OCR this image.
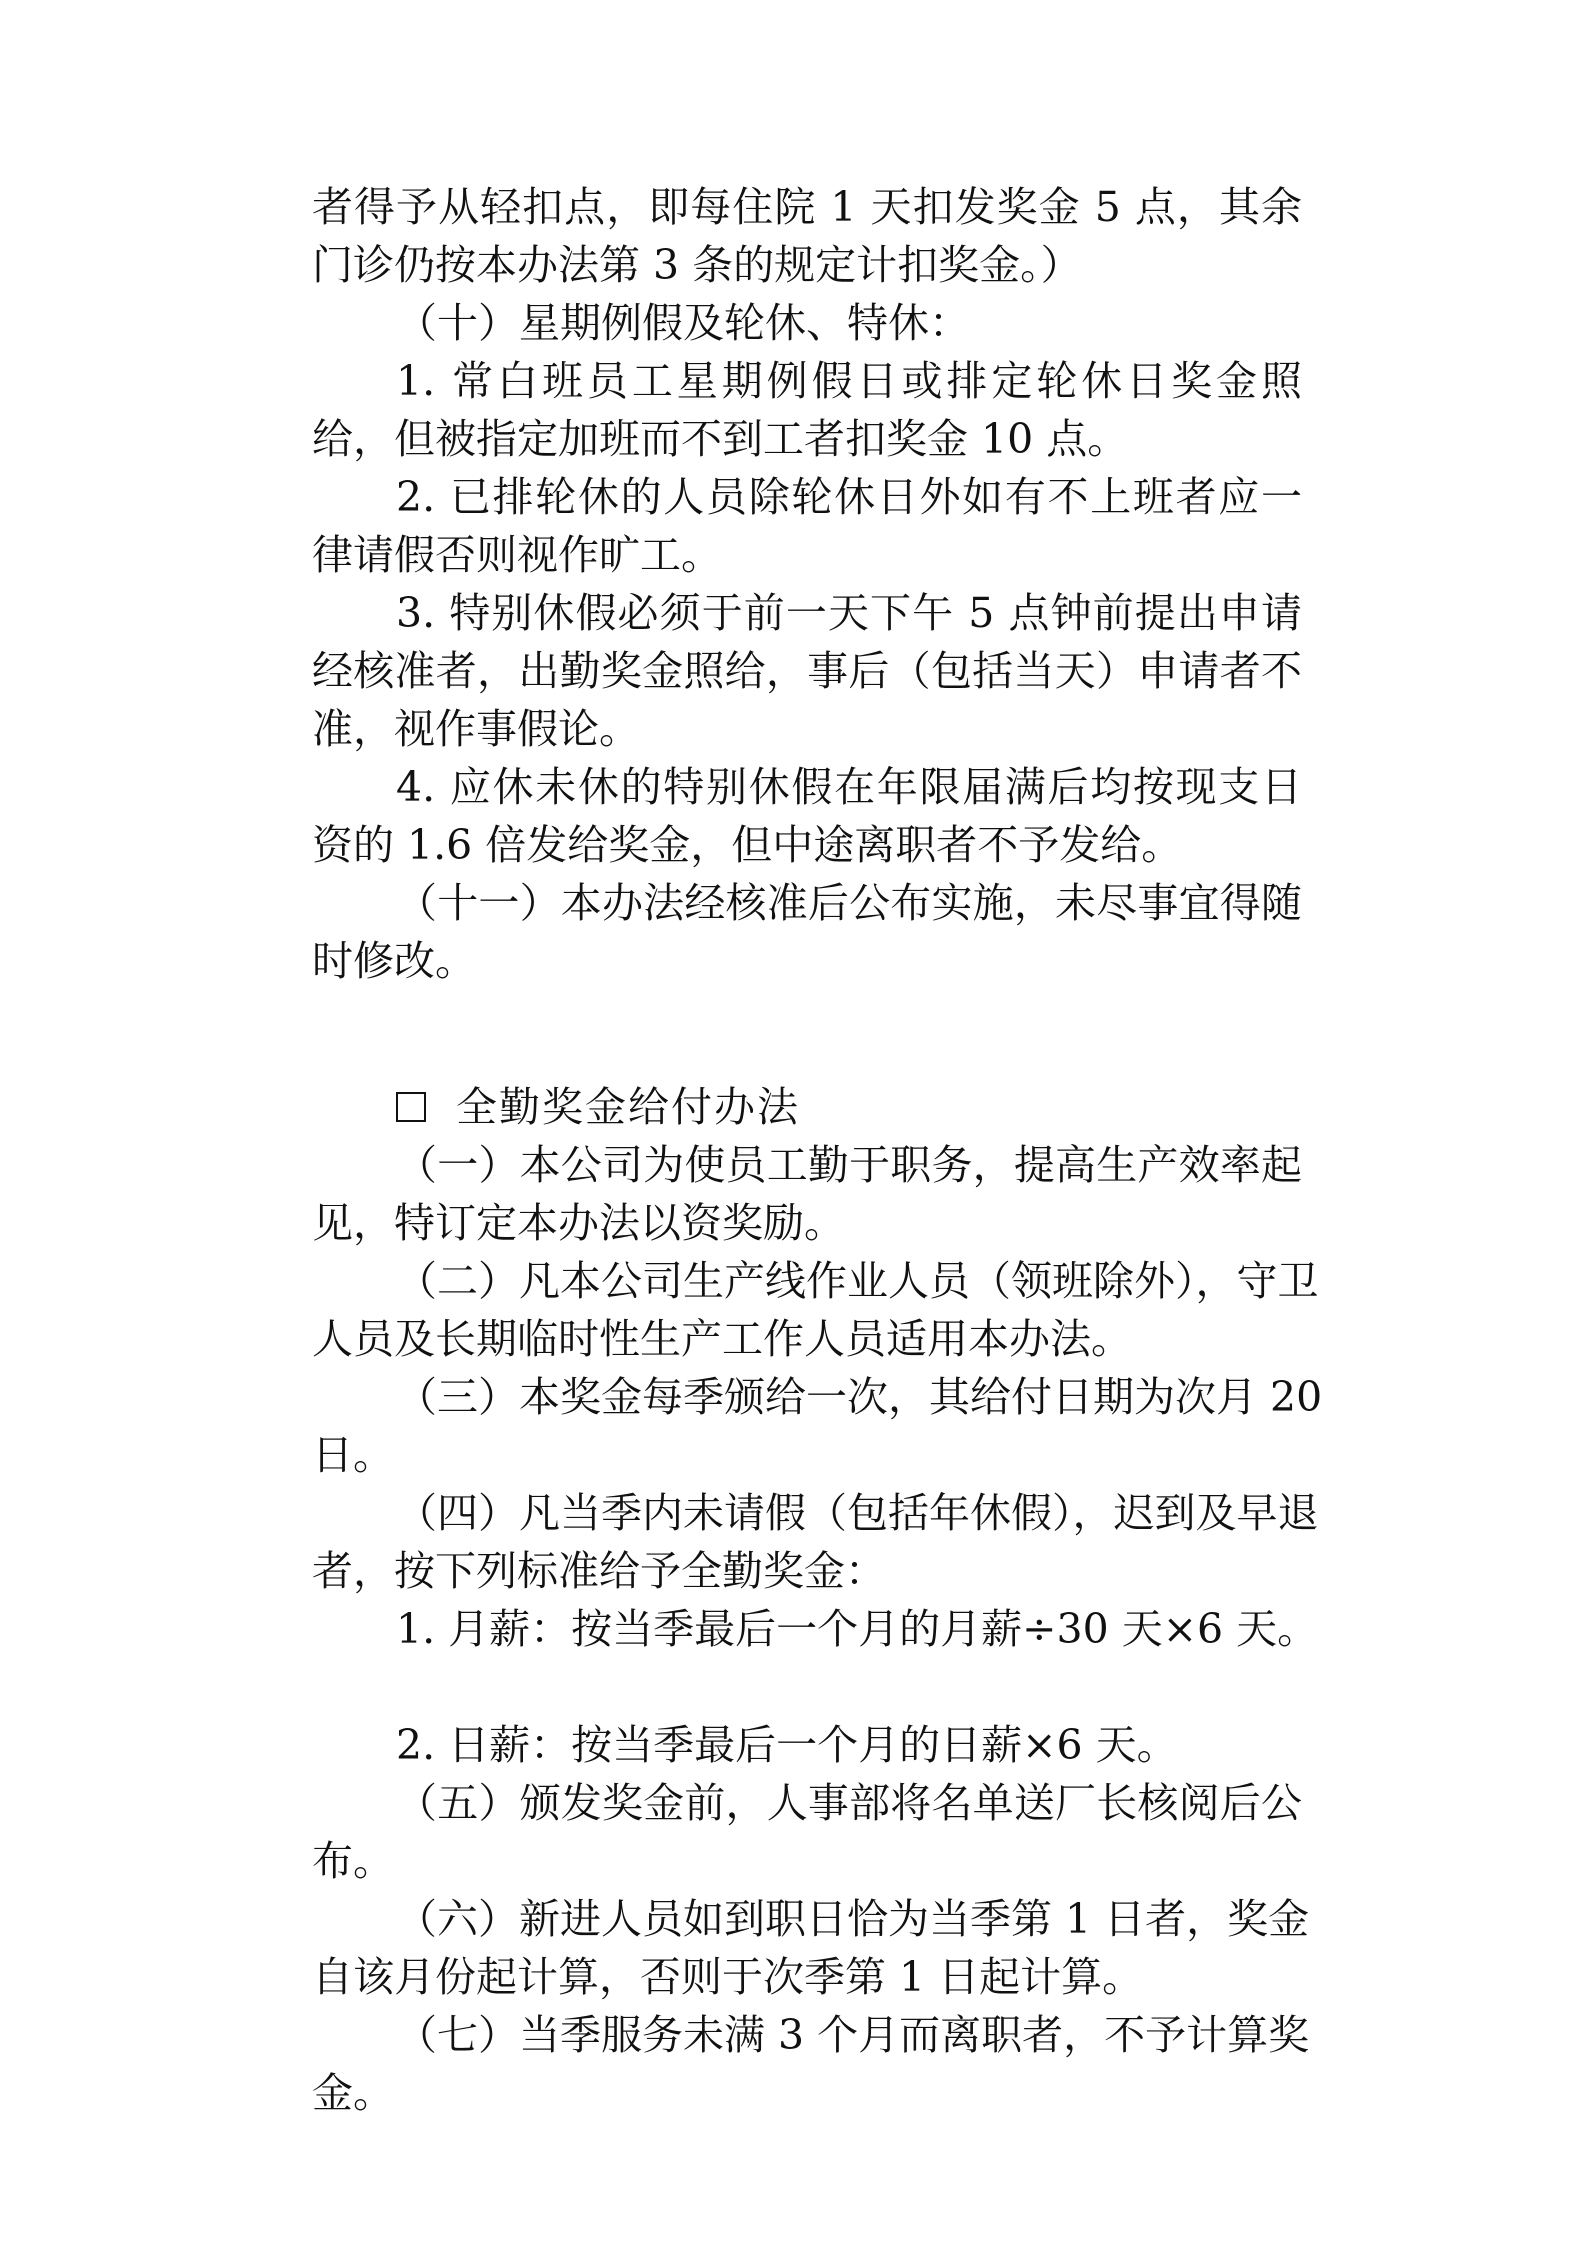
者得予从轻扣点，即每住院 1 天扣发奖金 5 点，其余
门诊仍按本办法第 3 条的规定计扣奖金。）
（十）星期例假及轮休、特休：
1. 常白班员工星期例假日或排定轮休日奖金照
给，但被指定加班而不到工者扣奖金 10 点。
2. 已排轮休的人员除轮休日外如有不上班者应一
律请假否则视作旷工。
3. 特别休假必须于前一天下午 5 点钟前提出申请
经核准者，出勤奖金照给，事后（包括当天）申请者不
准，视作事假论。
4. 应休未休的特别休假在年限届满后均按现支日
资的 1.6 倍发给奖金，但中途离职者不予发给。
（十一）本办法经核准后公布实施，未尽事宜得随
时修改。
全勤奖金给付办法
（一）本公司为使员工勤于职务，提高生产效率起
见，特订定本办法以资奖励。
（二）凡本公司生产线作业人员（领班除外），守卫
人员及长期临时性生产工作人员适用本办法。
（三）本奖金每季颁给一次，其给付日期为次月 20
日。
（四）凡当季内未请假（包括年休假），迟到及早退
者，按下列标准给予全勤奖金：
1. 月薪：按当季最后一个月的月薪÷30 天×6 天。
2. 日薪：按当季最后一个月的日薪×6 天。
（五）颁发奖金前，人事部将名单送厂长核阅后公
布。
（六）新进人员如到职日恰为当季第 1 日者，奖金
自该月份起计算，否则于次季第 1 日起计算。
（七）当季服务未满 3 个月而离职者，不予计算奖
金。
